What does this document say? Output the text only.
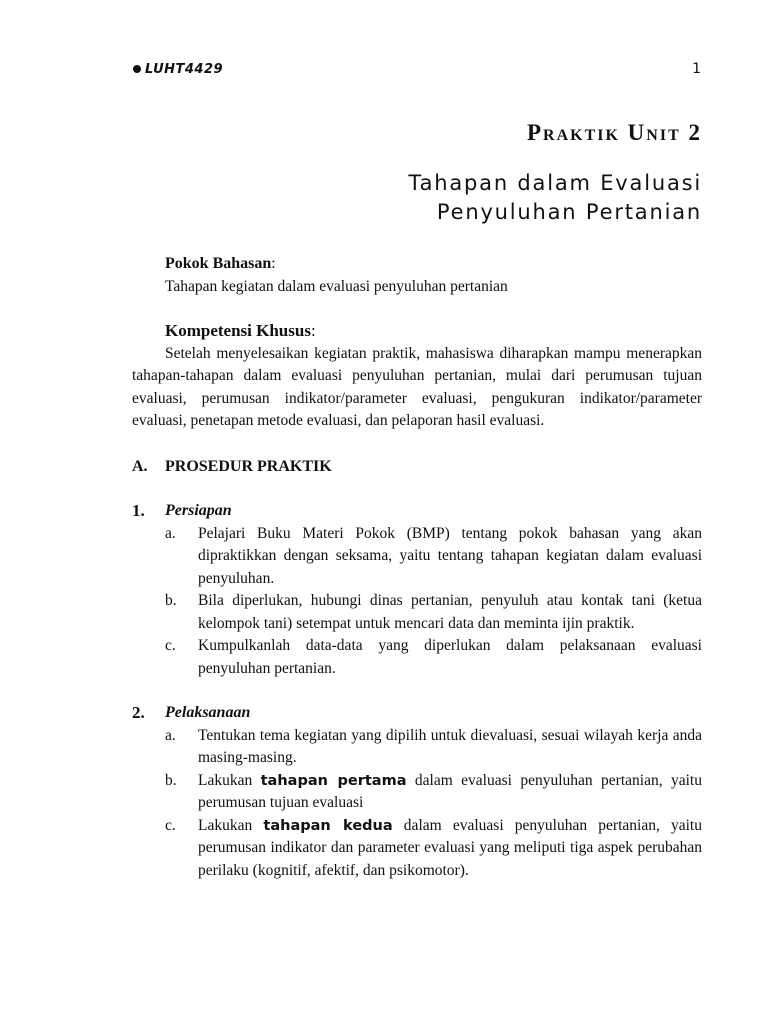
LUHT4429	1
Praktik Unit 2
Tahapan dalam Evaluasi
Penyuluhan Pertanian
Pokok Bahasan:
Tahapan kegiatan dalam evaluasi penyuluhan pertanian
Kompetensi Khusus:
Setelah menyelesaikan kegiatan praktik, mahasiswa diharapkan mampu menerapkan tahapan-tahapan dalam evaluasi penyuluhan pertanian, mulai dari perumusan tujuan evaluasi, perumusan indikator/parameter evaluasi, pengukuran indikator/parameter evaluasi, penetapan metode evaluasi, dan pelaporan hasil evaluasi.
A. PROSEDUR PRAKTIK
1.	Persiapan
a.	Pelajari Buku Materi Pokok (BMP) tentang pokok bahasan yang akan dipraktikkan dengan seksama, yaitu tentang tahapan kegiatan dalam evaluasi penyuluhan.
b.	Bila diperlukan, hubungi dinas pertanian, penyuluh atau kontak tani (ketua kelompok tani) setempat untuk mencari data dan meminta ijin praktik.
c.	Kumpulkanlah data-data yang diperlukan dalam pelaksanaan evaluasi penyuluhan pertanian.
2.	Pelaksanaan
a.	Tentukan tema kegiatan yang dipilih untuk dievaluasi, sesuai wilayah kerja anda masing-masing.
b.	Lakukan tahapan pertama dalam evaluasi penyuluhan pertanian, yaitu perumusan tujuan evaluasi
c.	Lakukan tahapan kedua dalam evaluasi penyuluhan pertanian, yaitu perumusan indikator dan parameter evaluasi yang meliputi tiga aspek perubahan perilaku (kognitif, afektif, dan psikomotor).
